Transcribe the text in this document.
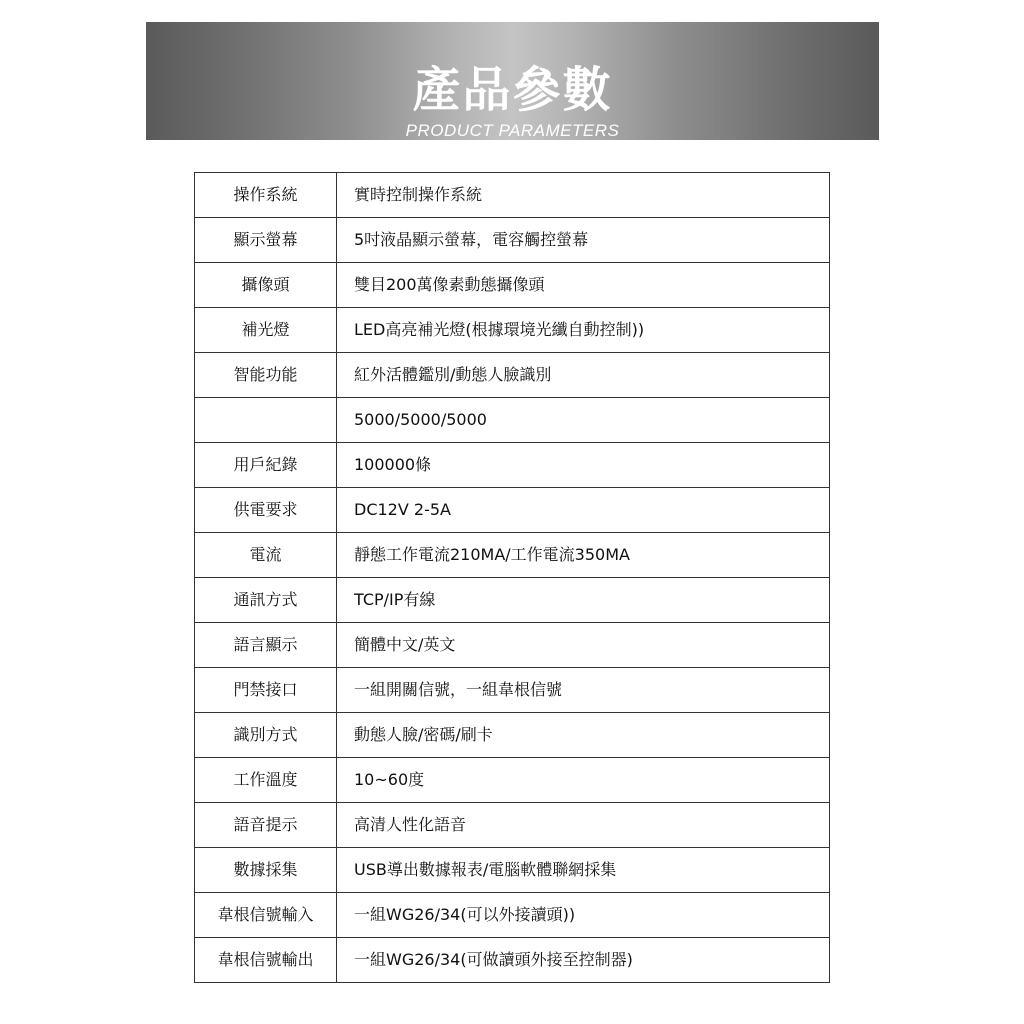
產品參數
PRODUCT PARAMETERS
操作系統	實時控制操作系統
顯示螢幕	5吋液晶顯示螢幕，電容觸控螢幕
攝像頭	雙目200萬像素動態攝像頭
補光燈	LED高亮補光燈(根據環境光纖自動控制))
智能功能	紅外活體鑑別/動態人臉識別
	5000/5000/5000
用戶紀錄	100000條
供電要求	DC12V 2-5A
電流	靜態工作電流210MA/工作電流350MA
通訊方式	TCP/IP有線
語言顯示	簡體中文/英文
門禁接口	一組開關信號，一組韋根信號
識別方式	動態人臉/密碼/刷卡
工作溫度	10~60度
語音提示	高清人性化語音
數據採集	USB導出數據報表/電腦軟體聯網採集
韋根信號輸入	一組WG26/34(可以外接讀頭))
韋根信號輸出	一組WG26/34(可做讀頭外接至控制器)
